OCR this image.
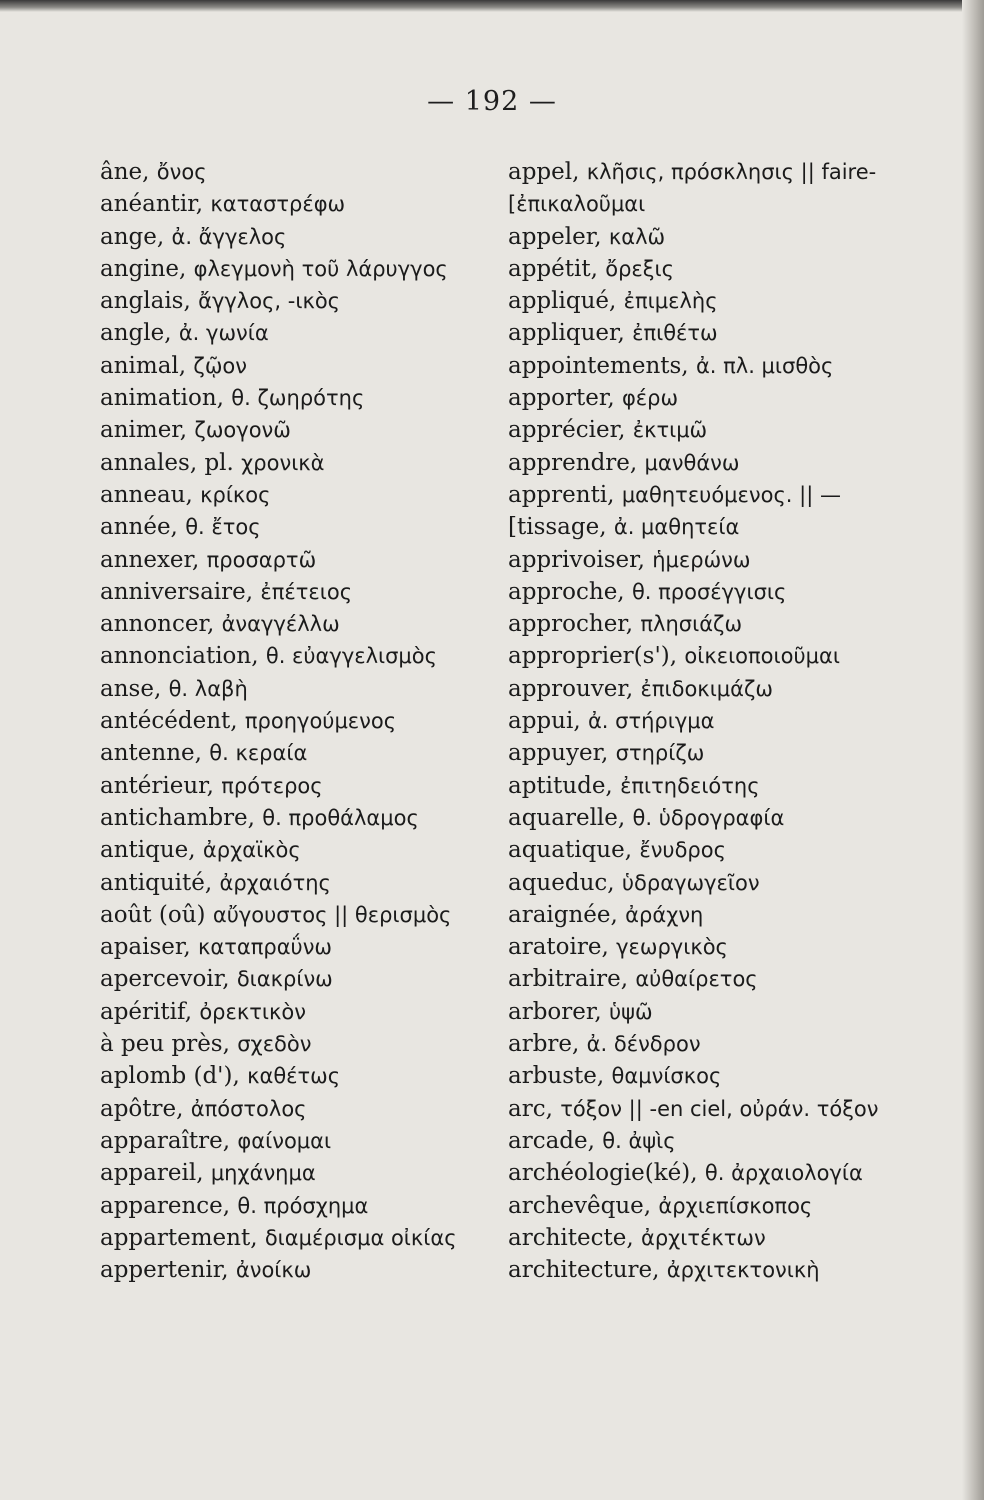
— 192 —
âne, ὄνος
anéantir, καταστρέφω
ange, ἀ. ἄγγελος
angine, φλεγμονὴ τοῦ λάρυγγος
anglais, ἄγγλος, -ικὸς
angle, ἀ. γωνία
animal, ζῷον
animation, θ. ζωηρότης
animer, ζωογονῶ
annales, pl. χρονικὰ
anneau, κρίκος
année, θ. ἔτος
annexer, προσαρτῶ
anniversaire, ἐπέτειος
annoncer, ἀναγγέλλω
annonciation, θ. εὐαγγελισμὸς
anse, θ. λαβὴ
antécédent, προηγούμενος
antenne, θ. κεραία
antérieur, πρότερος
antichambre, θ. προθάλαμος
antique, ἀρχαϊκὸς
antiquité, ἀρχαιότης
août (oû) αὔγουστος || θερισμὸς
apaiser, καταπραΰνω
apercevoir, διακρίνω
apéritif, ὀρεκτικὸν
à peu près, σχεδὸν
aplomb (d'), καθέτως
apôtre, ἀπόστολος
apparaître, φαίνομαι
appareil, μηχάνημα
apparence, θ. πρόσχημα
appartement, διαμέρισμα οἰκίας
appertenir, ἀνοίκω
appel, κλῆσις, πρόσκλησις || faire-
[ἐπικαλοῦμαι
appeler, καλῶ
appétit, ὄρεξις
appliqué, ἐπιμελὴς
appliquer, ἐπιθέτω
appointements, ἀ. πλ. μισθὸς
apporter, φέρω
apprécier, ἐκτιμῶ
apprendre, μανθάνω
apprenti, μαθητευόμενος. || —
[tissage, ἀ. μαθητεία
apprivoiser, ἡμερώνω
approche, θ. προσέγγισις
approcher, πλησιάζω
approprier(s'), οἰκειοποιοῦμαι
approuver, ἐπιδοκιμάζω
appui, ἀ. στήριγμα
appuyer, στηρίζω
aptitude, ἐπιτηδειότης
aquarelle, θ. ὑδρογραφία
aquatique, ἔνυδρος
aqueduc, ὑδραγωγεῖον
araignée, ἀράχνη
aratoire, γεωργικὸς
arbitraire, αὐθαίρετος
arborer, ὑψῶ
arbre, ἀ. δένδρον
arbuste, θαμνίσκος
arc, τόξον || -en ciel, οὐράν. τόξον
arcade, θ. ἀψὶς
archéologie(ké), θ. ἀρχαιολογία
archevêque, ἀρχιεπίσκοπος
architecte, ἀρχιτέκτων
architecture, ἀρχιτεκτονικὴ
